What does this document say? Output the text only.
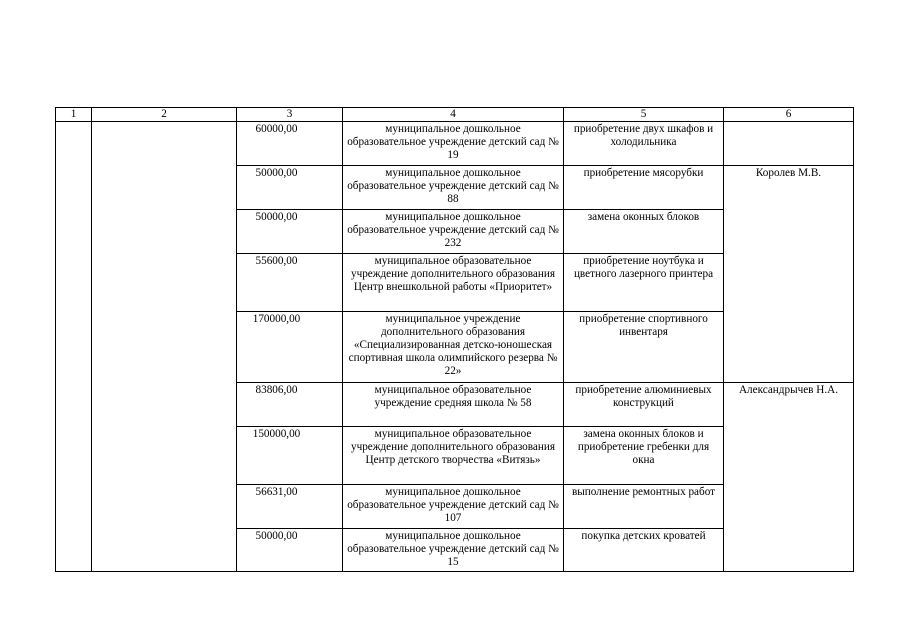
1	2	3	4	5	6
		60000,00	муниципальное дошкольное образовательное учреждение детский сад № 19	приобретение двух шкафов и холодильника	
		50000,00	муниципальное дошкольное образовательное учреждение детский сад № 88	приобретение мясорубки	Королев М.В.
		50000,00	муниципальное дошкольное образовательное учреждение детский сад № 232	замена оконных блоков	
		55600,00	муниципальное образовательное учреждение дополнительного образования Центр внешкольной работы «Приоритет»	приобретение ноутбука и цветного лазерного принтера	
		170000,00	муниципальное учреждение дополнительного образования «Специализированная детско-юношеская спортивная школа олимпийского резерва № 22»	приобретение спортивного инвентаря	
		83806,00	муниципальное образовательное учреждение средняя школа № 58	приобретение алюминиевых конструкций	Александрычев Н.А.
		150000,00	муниципальное образовательное учреждение дополнительного образования Центр детского творчества «Витязь»	замена оконных блоков и приобретение гребенки для окна	
		56631,00	муниципальное дошкольное образовательное учреждение детский сад № 107	выполнение ремонтных работ	
		50000,00	муниципальное дошкольное образовательное учреждение детский сад № 15	покупка детских кроватей	
